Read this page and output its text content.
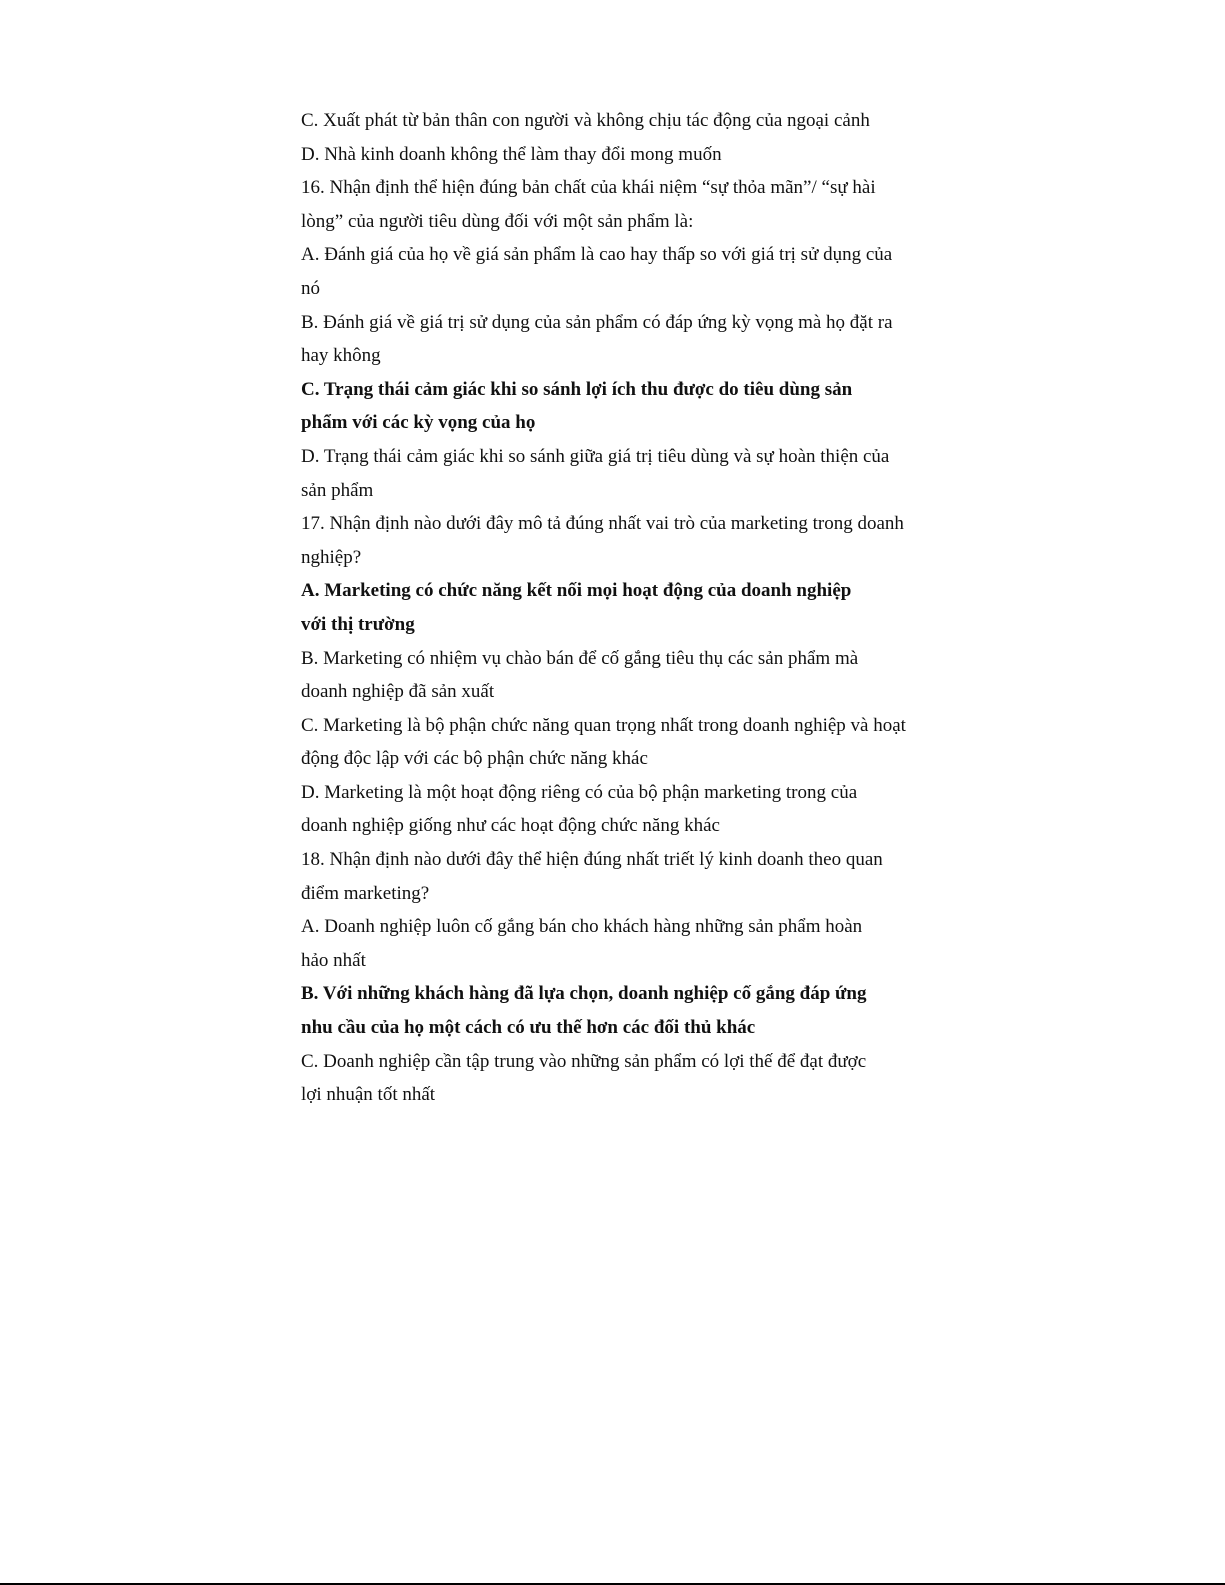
C. Xuất phát từ bản thân con người và không chịu tác động của ngoại cảnh
D. Nhà kinh doanh không thể làm thay đổi mong muốn
16. Nhận định thể hiện đúng bản chất của khái niệm “sự thỏa mãn”/ “sự hài
lòng” của người tiêu dùng đối với một sản phẩm là:
A. Đánh giá của họ về giá sản phẩm là cao hay thấp so với giá trị sử dụng của
nó
B. Đánh giá về giá trị sử dụng của sản phẩm có đáp ứng kỳ vọng mà họ đặt ra
hay không
C. Trạng thái cảm giác khi so sánh lợi ích thu được do tiêu dùng sản
phẩm với các kỳ vọng của họ
D. Trạng thái cảm giác khi so sánh giữa giá trị tiêu dùng và sự hoàn thiện của
sản phẩm
17. Nhận định nào dưới đây mô tả đúng nhất vai trò của marketing trong doanh
nghiệp?
A. Marketing có chức năng kết nối mọi hoạt động của doanh nghiệp
với thị trường
B. Marketing có nhiệm vụ chào bán để cố gắng tiêu thụ các sản phẩm mà
doanh nghiệp đã sản xuất
C. Marketing là bộ phận chức năng quan trọng nhất trong doanh nghiệp và hoạt
động độc lập với các bộ phận chức năng khác
D. Marketing là một hoạt động riêng có của bộ phận marketing trong của
doanh nghiệp giống như các hoạt động chức năng khác
18. Nhận định nào dưới đây thể hiện đúng nhất triết lý kinh doanh theo quan
điểm marketing?
A. Doanh nghiệp luôn cố gắng bán cho khách hàng những sản phẩm hoàn
hảo nhất
B. Với những khách hàng đã lựa chọn, doanh nghiệp cố gắng đáp ứng
nhu cầu của họ một cách có ưu thế hơn các đối thủ khác
C. Doanh nghiệp cần tập trung vào những sản phẩm có lợi thế để đạt được
lợi nhuận tốt nhất
